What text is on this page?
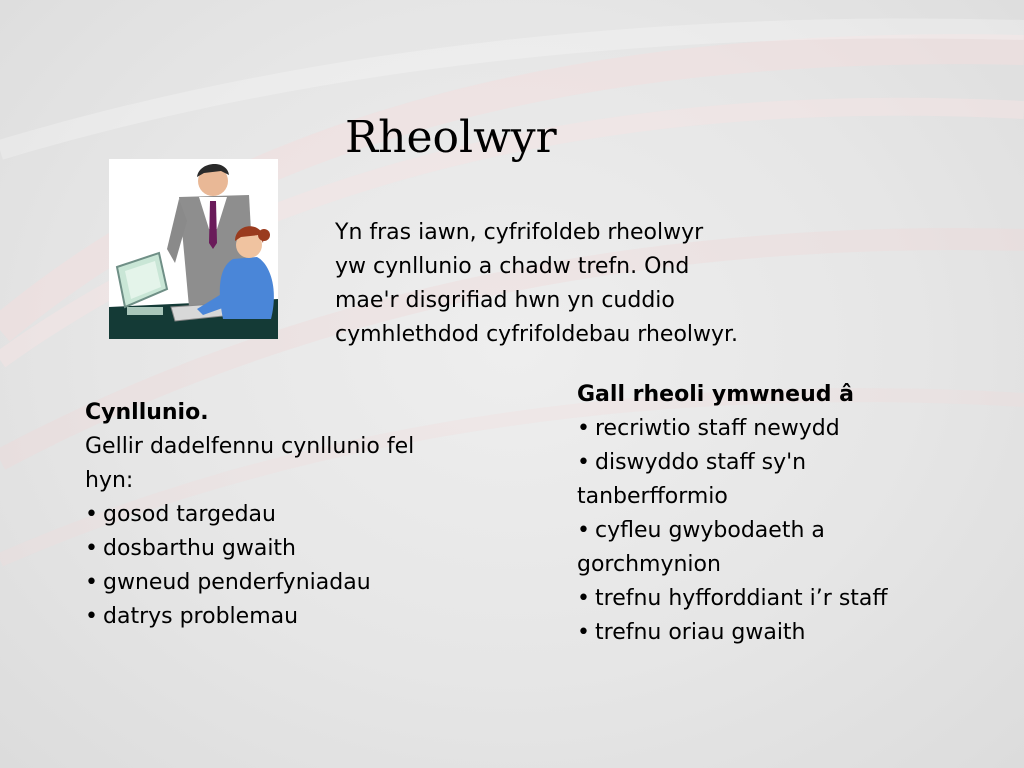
Rheolwyr
Yn fras iawn, cyfrifoldeb rheolwyr
yw cynllunio a chadw trefn. Ond
mae'r disgrifiad hwn yn cuddio
cymhlethdod cyfrifoldebau rheolwyr.
Cynllunio.
Gellir dadelfennu cynllunio fel
hyn:
• gosod targedau
• dosbarthu gwaith
• gwneud penderfyniadau
• datrys problemau
Gall rheoli ymwneud â
• recriwtio staff newydd
• diswyddo staff sy'n
tanberfformio
• cyfleu gwybodaeth a
gorchmynion
• trefnu hyfforddiant i’r staff
• trefnu oriau gwaith
